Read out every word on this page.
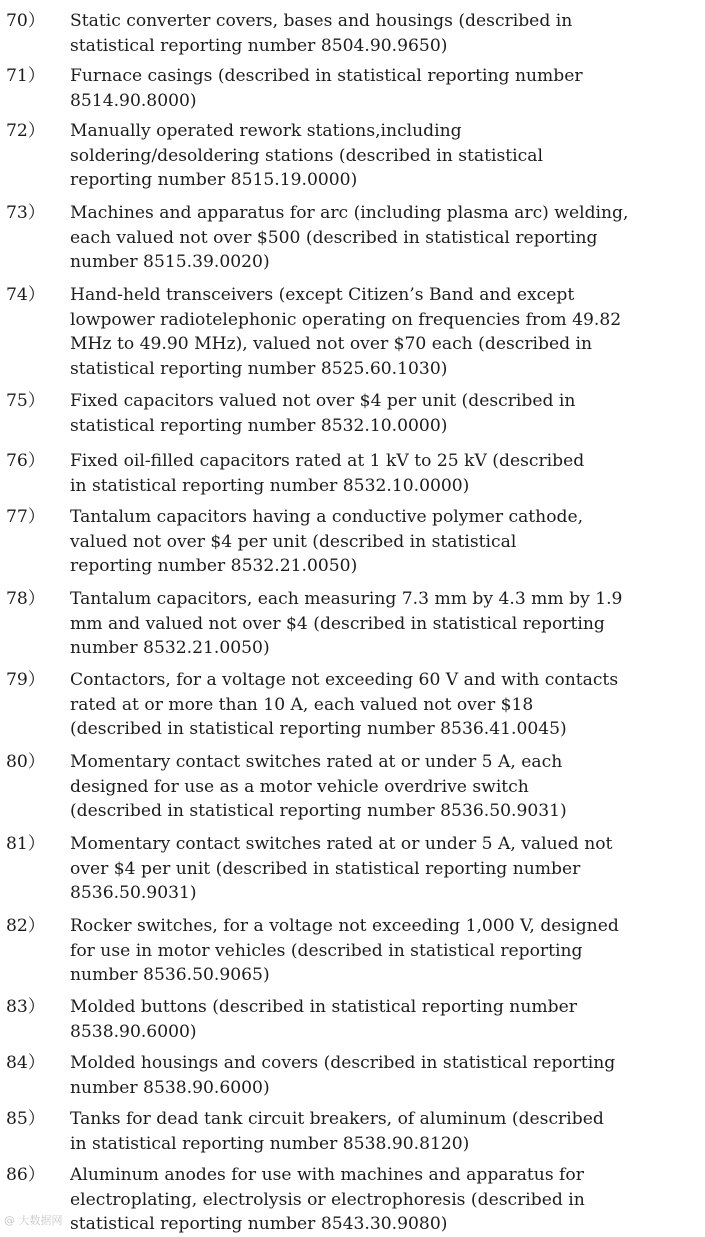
70） Static converter covers, bases and housings (described in
statistical reporting number 8504.90.9650)
71） Furnace casings (described in statistical reporting number
8514.90.8000)
72） Manually operated rework stations,including
soldering/desoldering stations (described in statistical
reporting number 8515.19.0000)
73） Machines and apparatus for arc (including plasma arc) welding,
each valued not over $500 (described in statistical reporting
number 8515.39.0020)
74） Hand-held transceivers (except Citizen’s Band and except
lowpower radiotelephonic operating on frequencies from 49.82
MHz to 49.90 MHz), valued not over $70 each (described in
statistical reporting number 8525.60.1030)
75） Fixed capacitors valued not over $4 per unit (described in
statistical reporting number 8532.10.0000)
76） Fixed oil-filled capacitors rated at 1 kV to 25 kV (described
in statistical reporting number 8532.10.0000)
77） Tantalum capacitors having a conductive polymer cathode,
valued not over $4 per unit (described in statistical
reporting number 8532.21.0050)
78） Tantalum capacitors, each measuring 7.3 mm by 4.3 mm by 1.9
mm and valued not over $4 (described in statistical reporting
number 8532.21.0050)
79） Contactors, for a voltage not exceeding 60 V and with contacts
rated at or more than 10 A, each valued not over $18
(described in statistical reporting number 8536.41.0045)
80） Momentary contact switches rated at or under 5 A, each
designed for use as a motor vehicle overdrive switch
(described in statistical reporting number 8536.50.9031)
81） Momentary contact switches rated at or under 5 A, valued not
over $4 per unit (described in statistical reporting number
8536.50.9031)
82） Rocker switches, for a voltage not exceeding 1,000 V, designed
for use in motor vehicles (described in statistical reporting
number 8536.50.9065)
83） Molded buttons (described in statistical reporting number
8538.90.6000)
84） Molded housings and covers (described in statistical reporting
number 8538.90.6000)
85） Tanks for dead tank circuit breakers, of aluminum (described
in statistical reporting number 8538.90.8120)
86） Aluminum anodes for use with machines and apparatus for
electroplating, electrolysis or electrophoresis (described in
statistical reporting number 8543.30.9080)
@ 大数据网
